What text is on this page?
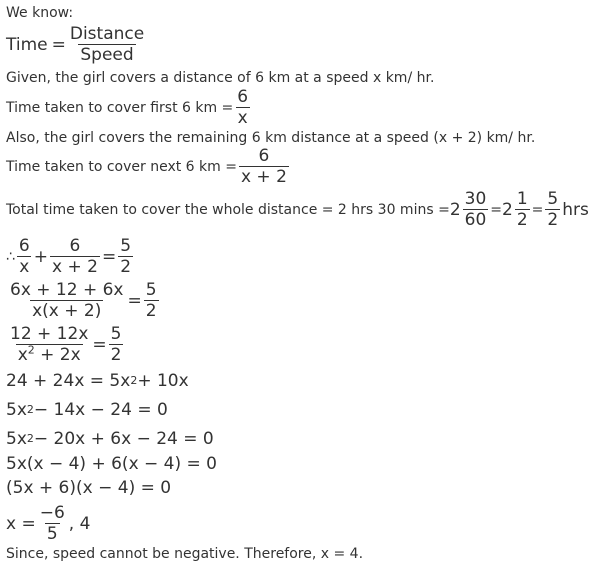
We know:
Time = $\frac{\text{Distance}}{\text{Speed}}$
Given, the girl covers a distance of 6 km at a speed x km/ hr.
Time taken to cover first 6 km = $\frac{6}{x}$
Also, the girl covers the remaining 6 km distance at a speed (x + 2) km/ hr.
Time taken to cover next 6 km = $\frac{6}{x + 2}$
Total time taken to cover the whole distance = 2 hrs 30 $\min s = 2 \frac{30}{60} = 2 \frac{1}{2} = \frac{5}{2}$ hrs
∴ $\frac{6}{x} + \frac{6}{x + 2} = \frac{5}{2}$
$\frac{6x + 12 + 6x}{x(x + 2)} = \frac{5}{2}$
$\frac{12 + 12x}{x^2 + 2x} = \frac{5}{2}$
24 + 24x = 5x 2 + 10x
5x 2 − 14x − 24 = 0
5x 2 − 20x + 6x − 24 = 0
5x(x − 4) + 6(x − 4) = 0
(5x + 6)(x − 4) = 0
$x = \frac{-6}{5}$ , 4
Since, speed cannot be negative. Therefore, x = 4.
